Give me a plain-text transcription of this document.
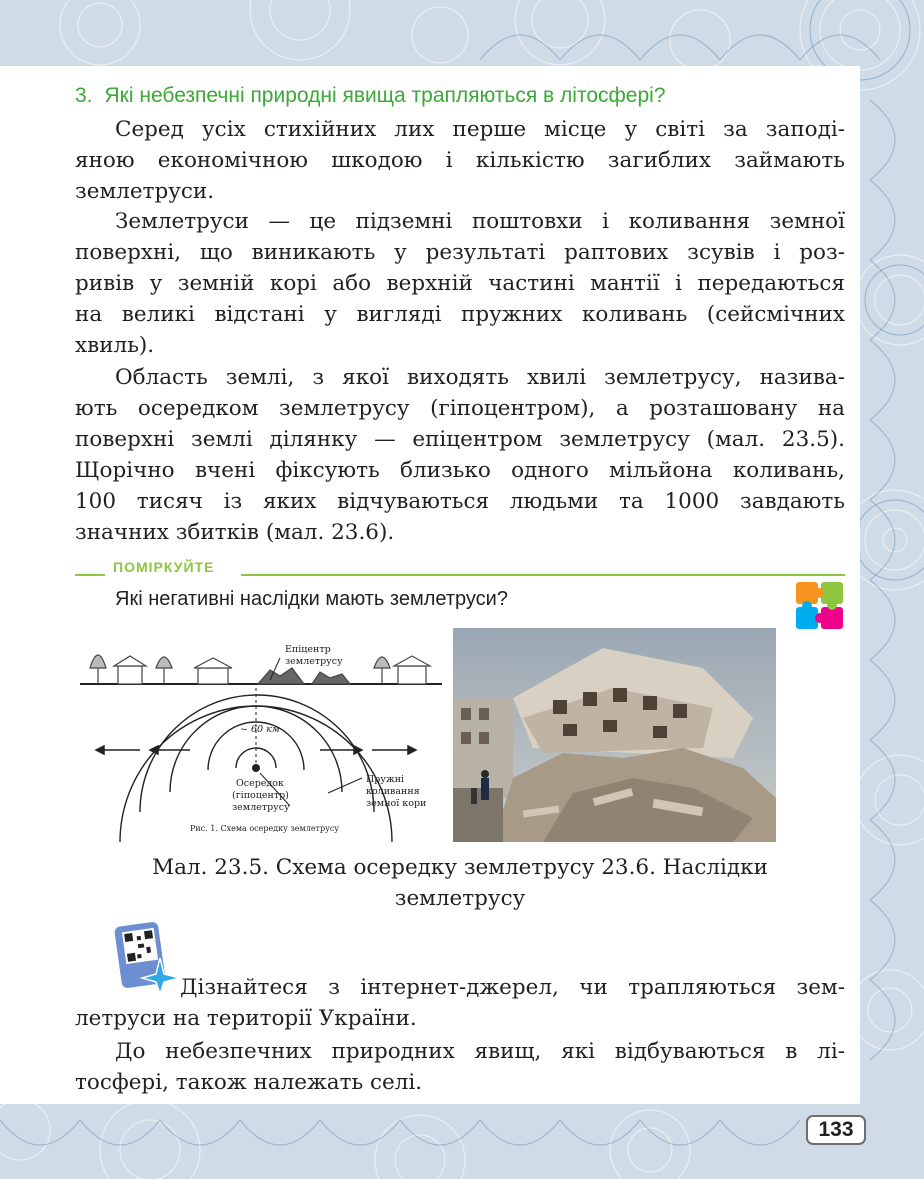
3. Які небезпечні природні явища трапляються в літосфері?

Серед усіх стихійних лих перше місце у світі за заподі-
яною економічною шкодою і кількістю загиблих займають
землетруси.

Землетруси — це підземні поштовхи і коливання земної
поверхні, що виникають у результаті раптових зсувів і роз-
ривів у земній корі або верхній частині мантії і передаються
на великі відстані у вигляді пружних коливань (сейсмічних
хвиль).

Область землі, з якої виходять хвилі землетрусу, назива-
ють осередком землетрусу (гіпоцентром), а розташовану на
поверхні землі ділянку — епіцентром землетрусу (мал. 23.5).
Щорічно вчені фіксують близько одного мільйона коливань,
100 тисяч із яких відчуваються людьми та 1000 завдають
значних збитків (мал. 23.6).

ПОМІРКУЙТЕ
Які негативні наслідки мають землетруси?
Епіцентр
землетрусу
~ 60 км
Осередок
(гіпоцентр)
землетрусу
Пружні
коливання
земної кори
Рис. 1. Схема осередку землетрусу
Мал. 23.5. Схема осередку землетрусу 23.6. Наслідки
землетрусу

Дізнайтеся з інтернет-джерел, чи трапляються зем-
летруси на території України.

До небезпечних природних явищ, які відбуваються в лі-
тосфері, також належать селі.

133
